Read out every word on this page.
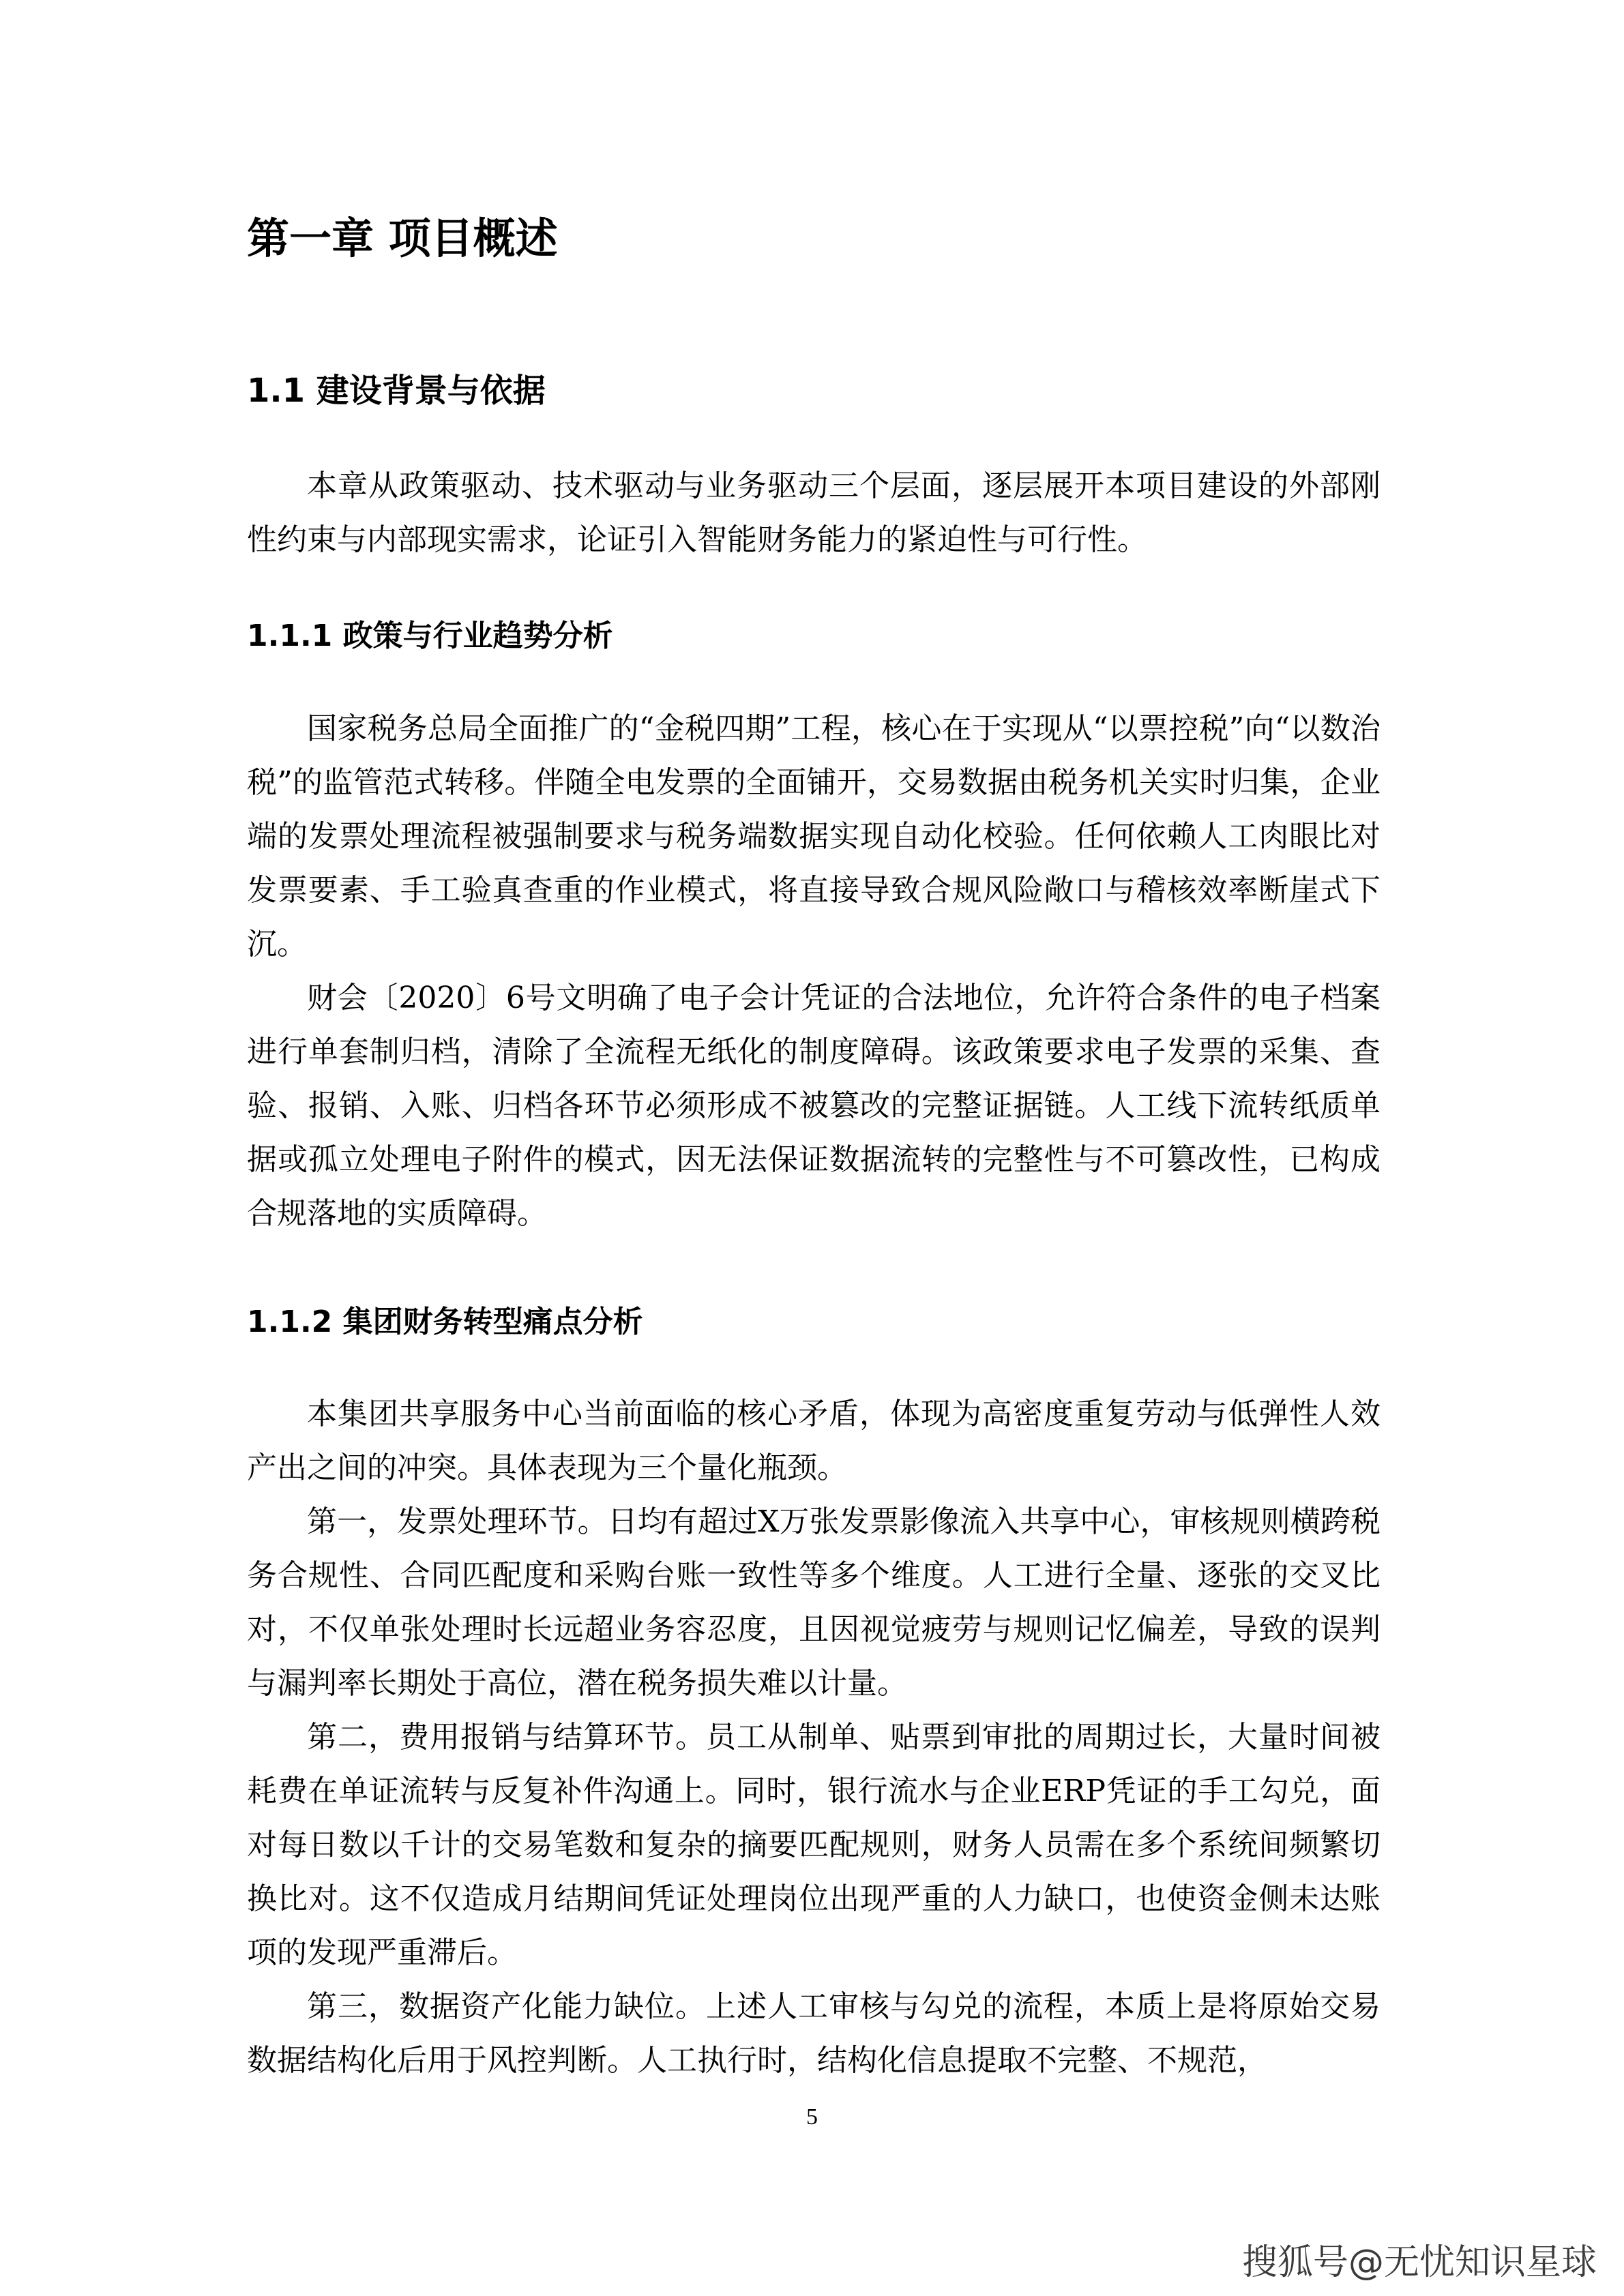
第一章 项目概述
1.1 建设背景与依据

本章从政策驱动、技术驱动与业务驱动三个层面，逐层展开本项目建设的外部刚性约束与内部现实需求，论证引入智能财务能力的紧迫性与可行性。

1.1.1 政策与行业趋势分析

国家税务总局全面推广的“金税四期”工程，核心在于实现从“以票控税”向“以数治税”的监管范式转移。伴随全电发票的全面铺开，交易数据由税务机关实时归集，企业端的发票处理流程被强制要求与税务端数据实现自动化校验。任何依赖人工肉眼比对发票要素、手工验真查重的作业模式，将直接导致合规风险敞口与稽核效率断崖式下沉。

财会〔2020〕6号文明确了电子会计凭证的合法地位，允许符合条件的电子档案进行单套制归档，清除了全流程无纸化的制度障碍。该政策要求电子发票的采集、查验、报销、入账、归档各环节必须形成不被篡改的完整证据链。人工线下流转纸质单据或孤立处理电子附件的模式，因无法保证数据流转的完整性与不可篡改性，已构成合规落地的实质障碍。

1.1.2 集团财务转型痛点分析

本集团共享服务中心当前面临的核心矛盾，体现为高密度重复劳动与低弹性人效产出之间的冲突。具体表现为三个量化瓶颈。

第一，发票处理环节。日均有超过X万张发票影像流入共享中心，审核规则横跨税务合规性、合同匹配度和采购台账一致性等多个维度。人工进行全量、逐张的交叉比对，不仅单张处理时长远超业务容忍度，且因视觉疲劳与规则记忆偏差，导致的误判与漏判率长期处于高位，潜在税务损失难以计量。

第二，费用报销与结算环节。员工从制单、贴票到审批的周期过长，大量时间被耗费在单证流转与反复补件沟通上。同时，银行流水与企业ERP凭证的手工勾兑，面对每日数以千计的交易笔数和复杂的摘要匹配规则，财务人员需在多个系统间频繁切换比对。这不仅造成月结期间凭证处理岗位出现严重的人力缺口，也使资金侧未达账项的发现严重滞后。

第三，数据资产化能力缺位。上述人工审核与勾兑的流程，本质上是将原始交易数据结构化后用于风控判断。人工执行时，结构化信息提取不完整、不规范，

5
搜狐号@无忧知识星球
